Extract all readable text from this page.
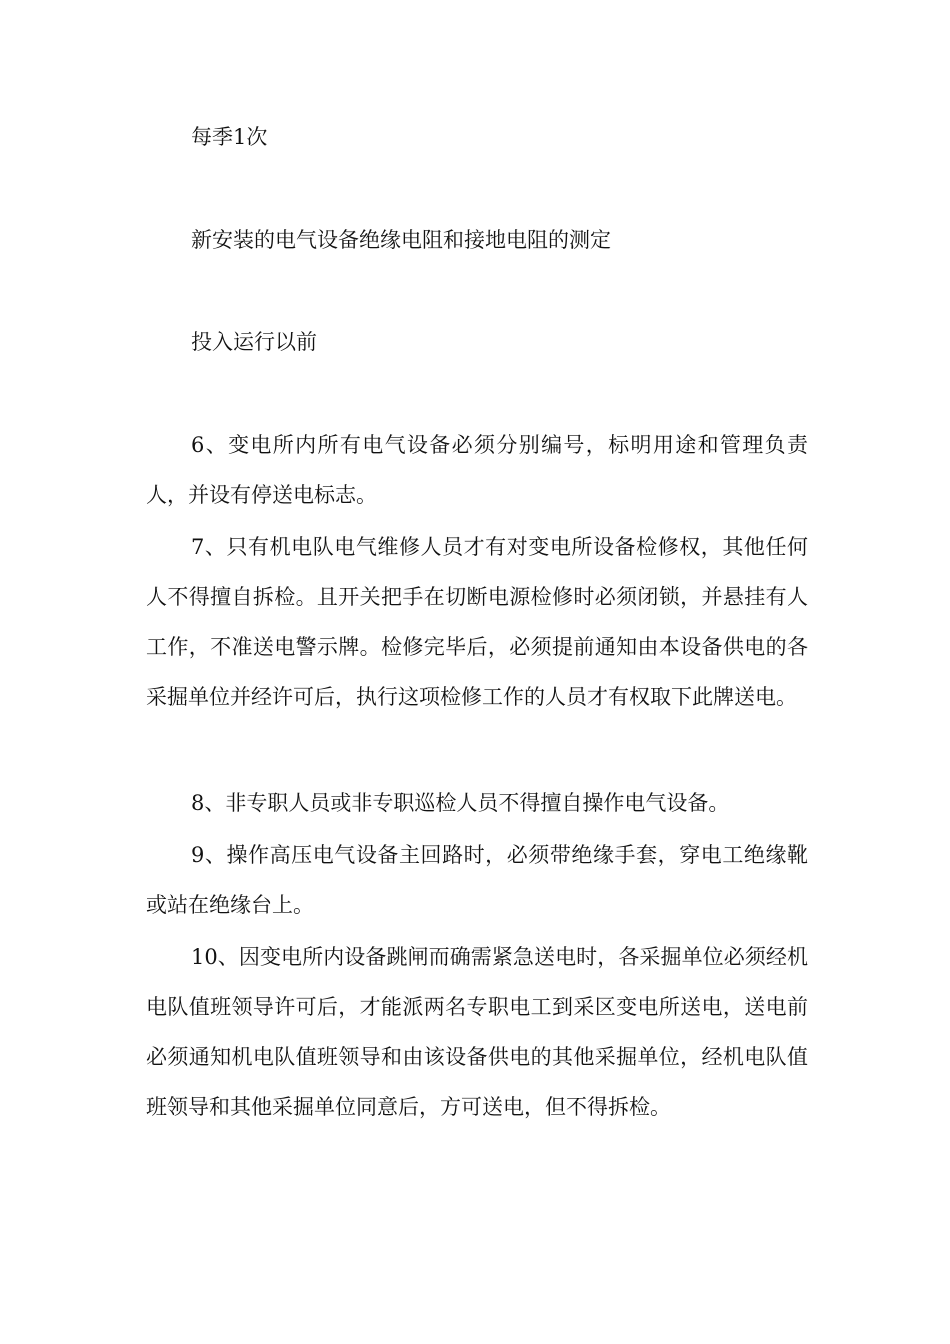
每季1次
新安装的电气设备绝缘电阻和接地电阻的测定
投入运行以前

6、变电所内所有电气设备必须分别编号，标明用途和管理负责人，并设有停送电标志。

7、只有机电队电气维修人员才有对变电所设备检修权，其他任何人不得擅自拆检。且开关把手在切断电源检修时必须闭锁，并悬挂有人工作，不准送电警示牌。检修完毕后，必须提前通知由本设备供电的各采掘单位并经许可后，执行这项检修工作的人员才有权取下此牌送电。

8、非专职人员或非专职巡检人员不得擅自操作电气设备。

9、操作高压电气设备主回路时，必须带绝缘手套，穿电工绝缘靴或站在绝缘台上。

10、因变电所内设备跳闸而确需紧急送电时，各采掘单位必须经机电队值班领导许可后，才能派两名专职电工到采区变电所送电，送电前必须通知机电队值班领导和由该设备供电的其他采掘单位，经机电队值班领导和其他采掘单位同意后，方可送电，但不得拆检。
